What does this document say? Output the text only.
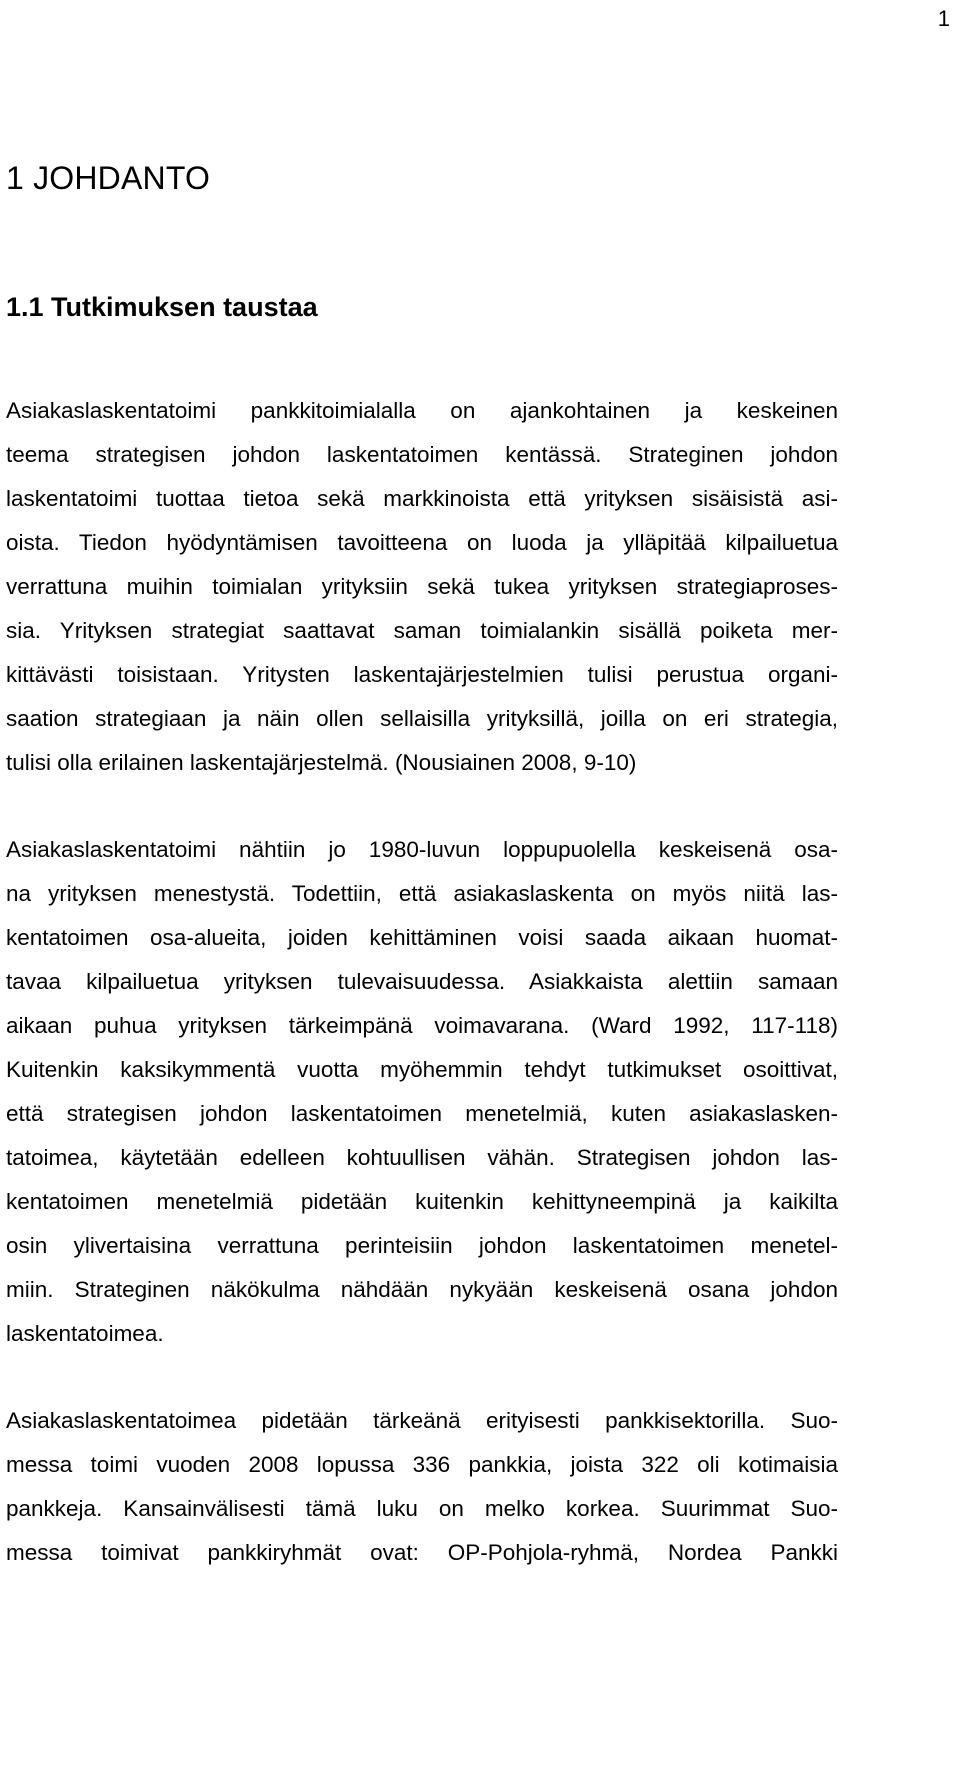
1
1 JOHDANTO
1.1 Tutkimuksen taustaa
Asiakaslaskentatoimi pankkitoimialalla on ajankohtainen ja keskeinen
teema strategisen johdon laskentatoimen kentässä. Strateginen johdon
laskentatoimi tuottaa tietoa sekä markkinoista että yrityksen sisäisistä asi-
oista. Tiedon hyödyntämisen tavoitteena on luoda ja ylläpitää kilpailuetua
verrattuna muihin toimialan yrityksiin sekä tukea yrityksen strategiaproses-
sia. Yrityksen strategiat saattavat saman toimialankin sisällä poiketa mer-
kittävästi toisistaan. Yritysten laskentajärjestelmien tulisi perustua organi-
saation strategiaan ja näin ollen sellaisilla yrityksillä, joilla on eri strategia,
tulisi olla erilainen laskentajärjestelmä. (Nousiainen 2008, 9-10)
Asiakaslaskentatoimi nähtiin jo 1980-luvun loppupuolella keskeisenä osa-
na yrityksen menestystä. Todettiin, että asiakaslaskenta on myös niitä las-
kentatoimen osa-alueita, joiden kehittäminen voisi saada aikaan huomat-
tavaa kilpailuetua yrityksen tulevaisuudessa. Asiakkaista alettiin samaan
aikaan puhua yrityksen tärkeimpänä voimavarana. (Ward 1992, 117-118)
Kuitenkin kaksikymmentä vuotta myöhemmin tehdyt tutkimukset osoittivat,
että strategisen johdon laskentatoimen menetelmiä, kuten asiakaslasken-
tatoimea, käytetään edelleen kohtuullisen vähän. Strategisen johdon las-
kentatoimen menetelmiä pidetään kuitenkin kehittyneempinä ja kaikilta
osin ylivertaisina verrattuna perinteisiin johdon laskentatoimen menetel-
miin. Strateginen näkökulma nähdään nykyään keskeisenä osana johdon
laskentatoimea.
Asiakaslaskentatoimea pidetään tärkeänä erityisesti pankkisektorilla. Suo-
messa toimi vuoden 2008 lopussa 336 pankkia, joista 322 oli kotimaisia
pankkeja. Kansainvälisesti tämä luku on melko korkea. Suurimmat Suo-
messa toimivat pankkiryhmät ovat: OP-Pohjola-ryhmä, Nordea Pankki
